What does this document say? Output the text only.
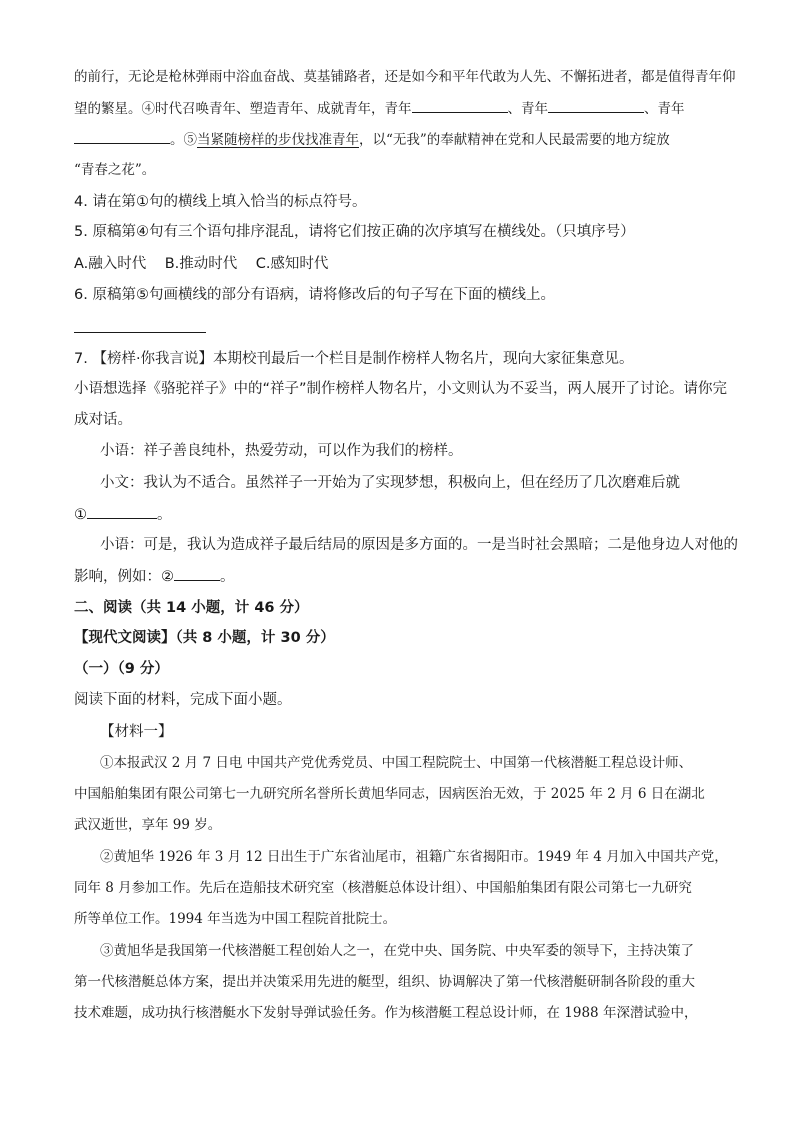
的前行，无论是枪林弹雨中浴血奋战、莫基铺路者，还是如今和平年代敢为人先、不懈拓进者，都是值得青年仰
望的繁星。④时代召唤青年、塑造青年、成就青年，青年	、青年	、青年
。⑤当紧随榜样的步伐找准青年，以“无我”的奉献精神在党和人民最需要的地方绽放
“青春之花”。
4. 请在第①句的横线上填入恰当的标点符号。
5. 原稿第④句有三个语句排序混乱，请将它们按正确的次序填写在横线处。（只填序号）
A.融入时代    B.推动时代    C.感知时代
6. 原稿第⑤句画横线的部分有语病，请将修改后的句子写在下面的横线上。
7. 【榜样·你我言说】本期校刊最后一个栏目是制作榜样人物名片，现向大家征集意见。
小语想选择《骆驼祥子》中的“祥子”制作榜样人物名片，小文则认为不妥当，两人展开了讨论。请你完
成对话。
小语：祥子善良纯朴，热爱劳动，可以作为我们的榜样。
小文：我认为不适合。虽然祥子一开始为了实现梦想，积极向上，但在经历了几次磨难后就
①	。
小语：可是，我认为造成祥子最后结局的原因是多方面的。一是当时社会黑暗；二是他身边人对他的
影响，例如：②	。
二、阅读（共 14 小题，计 46 分）
【现代文阅读】（共 8 小题，计 30 分）
（一）（9 分）
阅读下面的材料，完成下面小题。
【材料一】
①本报武汉 2 月 7 日电 中国共产党优秀党员、中国工程院院士、中国第一代核潜艇工程总设计师、
中国船舶集团有限公司第七一九研究所名誉所长黄旭华同志，因病医治无效，于 2025 年 2 月 6 日在湖北
武汉逝世，享年 99 岁。
②黄旭华 1926 年 3 月 12 日出生于广东省汕尾市，祖籍广东省揭阳市。1949 年 4 月加入中国共产党，
同年 8 月参加工作。先后在造船技术研究室（核潜艇总体设计组）、中国船舶集团有限公司第七一九研究
所等单位工作。1994 年当选为中国工程院首批院士。
③黄旭华是我国第一代核潜艇工程创始人之一，在党中央、国务院、中央军委的领导下，主持决策了
第一代核潜艇总体方案，提出并决策采用先进的艇型，组织、协调解决了第一代核潜艇研制各阶段的重大
技术难题，成功执行核潜艇水下发射导弹试验任务。作为核潜艇工程总设计师，在 1988 年深潜试验中，
